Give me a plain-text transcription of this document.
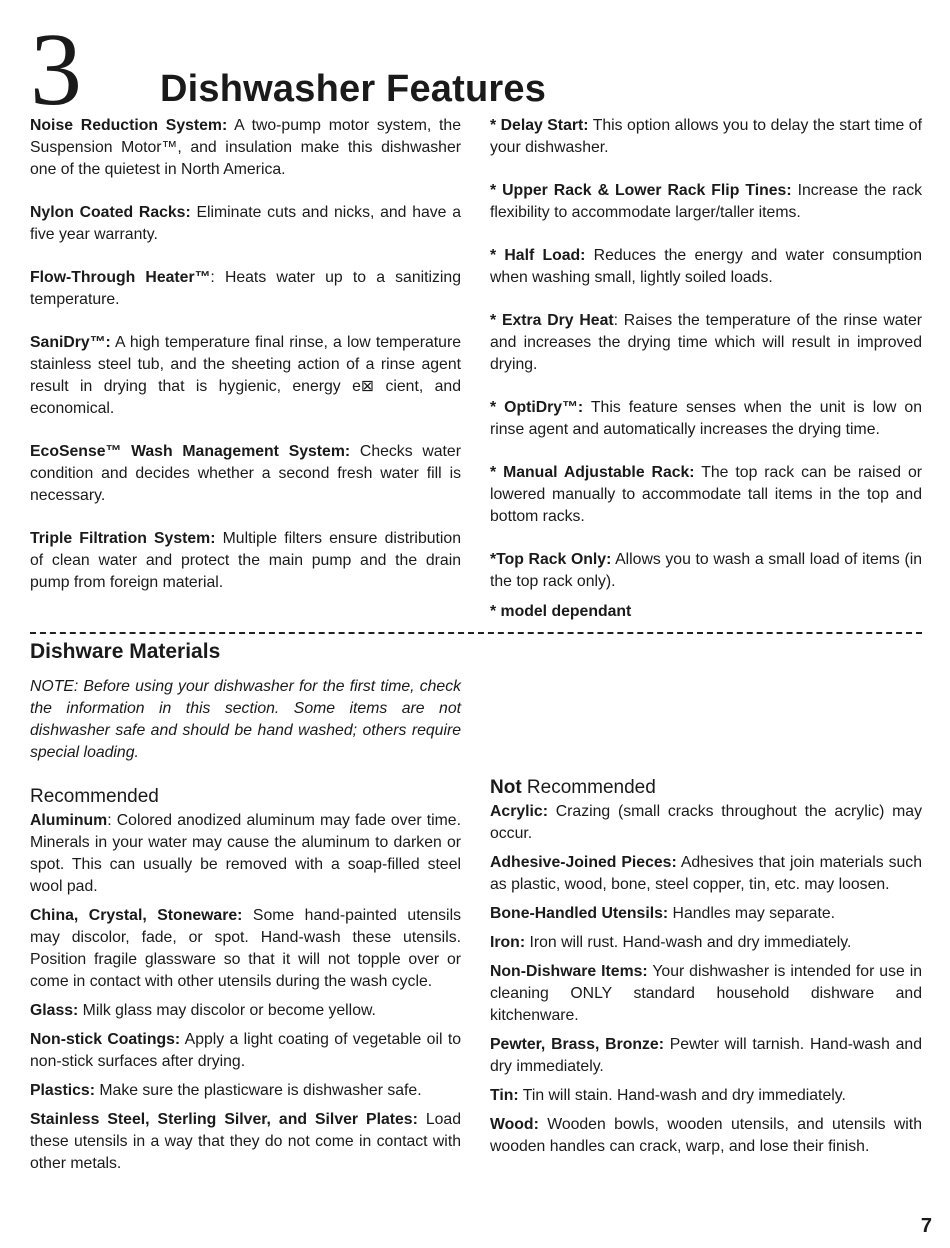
3 Dishwasher Features

Noise Reduction System: A two-pump motor system, the Suspension Motor™, and insulation make this dishwasher one of the quietest in North America.

Nylon Coated Racks: Eliminate cuts and nicks, and have a five year warranty.

Flow-Through Heater™: Heats water up to a sanitizing temperature.

SaniDry™: A high temperature final rinse, a low temperature stainless steel tub, and the sheeting action of a rinse agent result in drying that is hygienic, energy e⊠ cient, and economical.

EcoSense™ Wash Management System: Checks water condition and decides whether a second fresh water fill is necessary.

Triple Filtration System: Multiple filters ensure distribution of clean water and protect the main pump and the drain pump from foreign material.

* Delay Start: This option allows you to delay the start time of your dishwasher.

* Upper Rack & Lower Rack Flip Tines: Increase the rack flexibility to accommodate larger/taller items.

* Half Load: Reduces the energy and water consumption when washing small, lightly soiled loads.

* Extra Dry Heat: Raises the temperature of the rinse water and increases the drying time which will result in improved drying.

* OptiDry™: This feature senses when the unit is low on rinse agent and automatically increases the drying time.

* Manual Adjustable Rack: The top rack can be raised or lowered manually to accommodate tall items in the top and bottom racks.

*Top Rack Only: Allows you to wash a small load of items (in the top rack only).

* model dependant

Dishware Materials
NOTE: Before using your dishwasher for the first time, check the information in this section. Some items are not dishwasher safe and should be hand washed; others require special loading.
Recommended

Aluminum: Colored anodized aluminum may fade over time. Minerals in your water may cause the aluminum to darken or spot. This can usually be removed with a soap-filled steel wool pad.

China, Crystal, Stoneware: Some hand-painted utensils may discolor, fade, or spot. Hand-wash these utensils. Position fragile glassware so that it will not topple over or come in contact with other utensils during the wash cycle.

Glass: Milk glass may discolor or become yellow.

Non-stick Coatings: Apply a light coating of vegetable oil to non-stick surfaces after drying.

Plastics: Make sure the plasticware is dishwasher safe.

Stainless Steel, Sterling Silver, and Silver Plates: Load these utensils in a way that they do not come in contact with other metals.

Not Recommended

Acrylic: Crazing (small cracks throughout the acrylic) may occur.

Adhesive-Joined Pieces: Adhesives that join materials such as plastic, wood, bone, steel copper, tin, etc. may loosen.

Bone-Handled Utensils: Handles may separate.

Iron: Iron will rust. Hand-wash and dry immediately.

Non-Dishware Items: Your dishwasher is intended for use in cleaning ONLY standard household dishware and kitchenware.

Pewter, Brass, Bronze: Pewter will tarnish. Hand-wash and dry immediately.

Tin: Tin will stain. Hand-wash and dry immediately.

Wood: Wooden bowls, wooden utensils, and utensils with wooden handles can crack, warp, and lose their finish.

7
